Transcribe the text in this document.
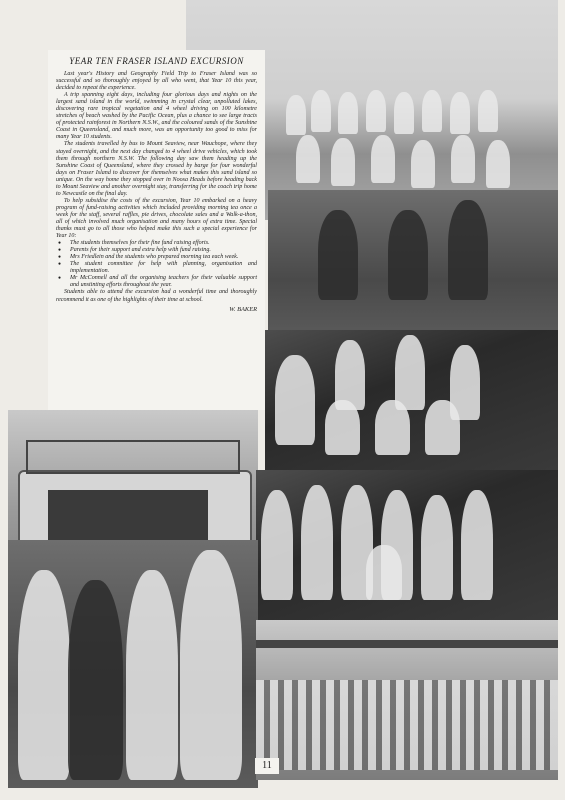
YEAR TEN FRASER ISLAND EXCURSION

Last year's History and Geography Field Trip to Fraser Island was so successful and so thoroughly enjoyed by all who went, that Year 10 this year, decided to repeat the experience.

A trip spanning eight days, including four glorious days and nights on the largest sand island in the world, swimming in crystal clear, unpolluted lakes, discovering rare tropical vegetation and 4 wheel driving on 100 kilometre stretches of beach washed by the Pacific Ocean, plus a chance to see large tracts of protected rainforest in Northern N.S.W., and the coloured sands of the Sunshine Coast in Queensland, and much more, was an opportunity too good to miss for many Year 10 students.

The students travelled by bus to Mount Seaview, near Wauchope, where they stayed overnight, and the next day changed to 4 wheel drive vehicles, which took them through northern N.S.W. The following day saw them heading up the Sunshine Coast of Queensland, where they crossed by barge for four wonderful days on Fraser Island to discover for themselves what makes this sand island so unique. On the way home they stopped over in Noosa Heads before heading back to Mount Seaview and another overnight stay, transferring for the coach trip home to Newcastle on the final day.

To help subsidise the costs of the excursion, Year 10 embarked on a heavy program of fund-raising activities which included providing morning tea once a week for the staff, several raffles, pie drives, chocolate sales and a Walk-a-thon, all of which involved much organisation and many hours of extra time. Special thanks must go to all those who helped make this such a special experience for Year 10:

● The students themselves for their fine fund raising efforts.
● Parents for their support and extra help with fund raising.
● Mrs Friedlein and the students who prepared morning tea each week.
● The student committee for help with planning, organisation and implementation.
● Mr McConnell and all the organising teachers for their valuable support and unstinting efforts throughout the year.

Students able to attend the excursion had a wonderful time and thoroughly recommend it as one of the highlights of their time at school.

W. BAKER
11
